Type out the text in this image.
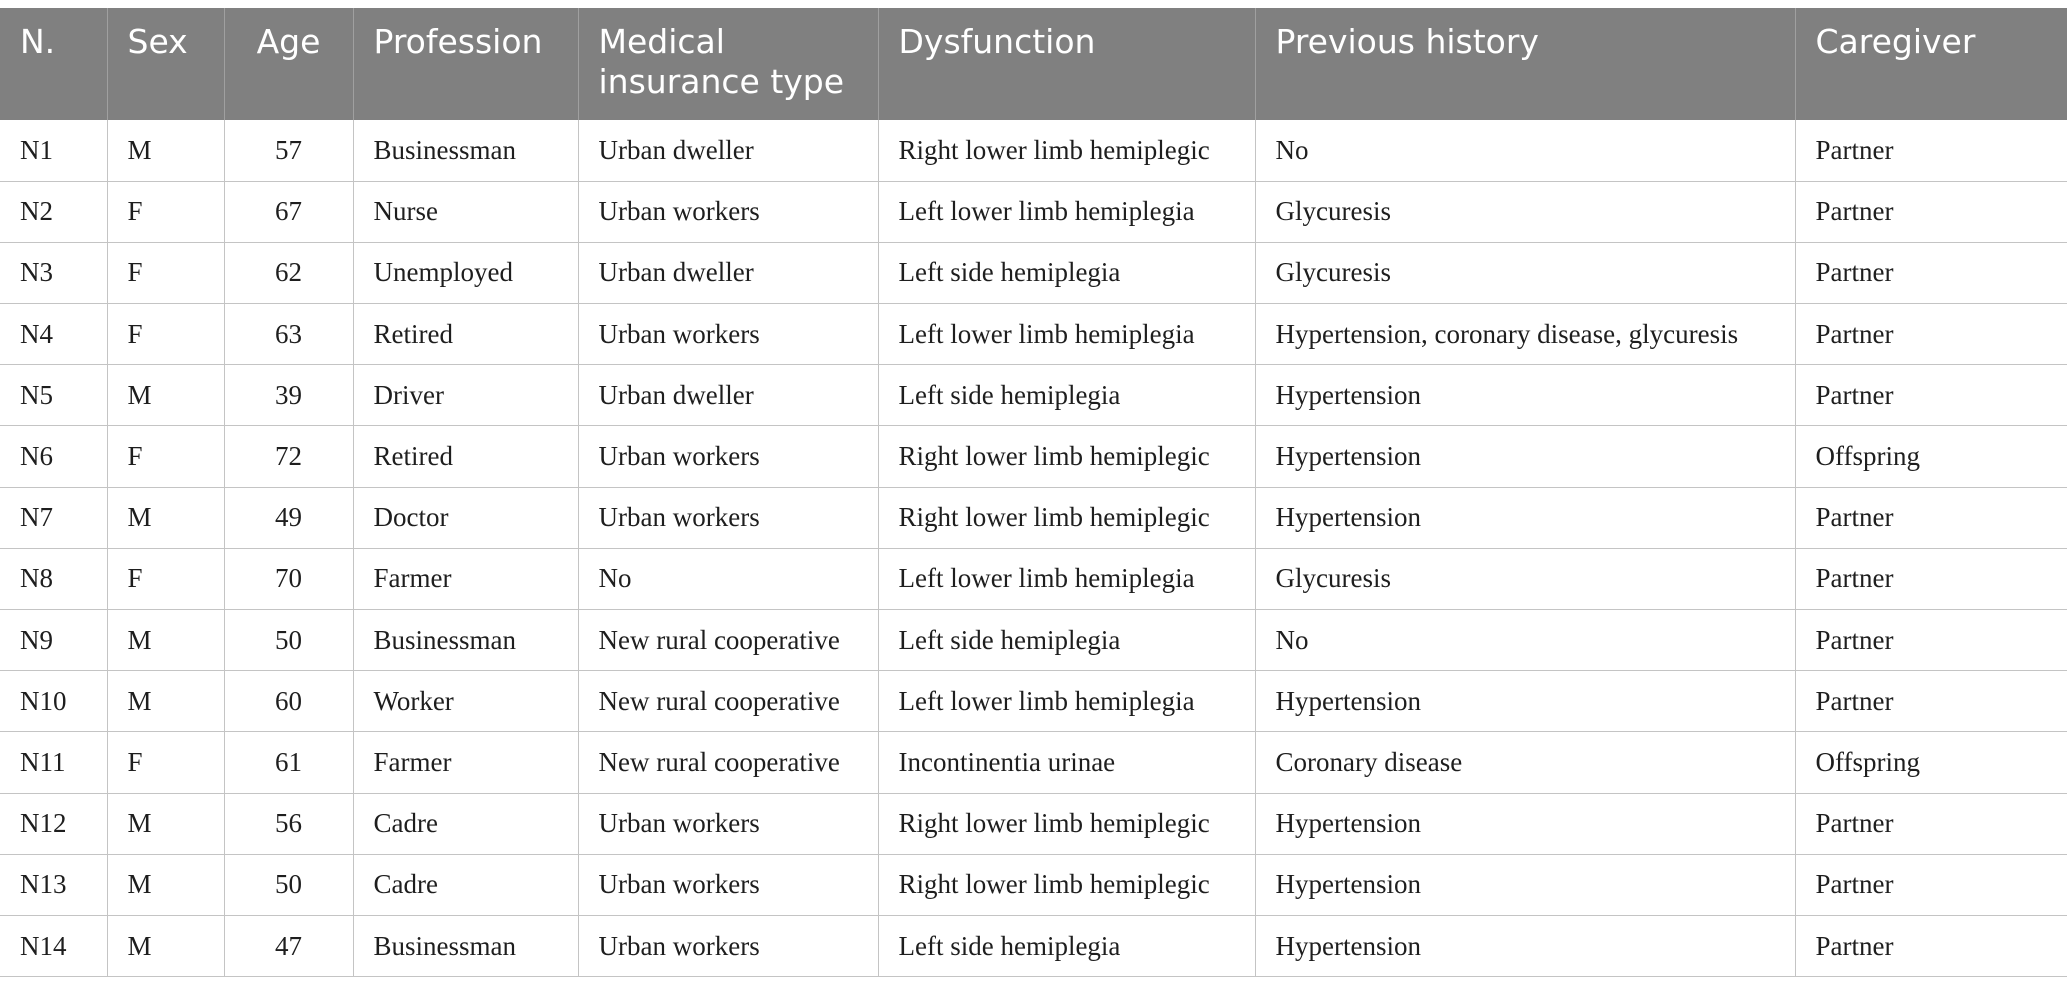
N.	Sex	Age	Profession	Medical insurance type	Dysfunction	Previous history	Caregiver
N1	M	57	Businessman	Urban dweller	Right lower limb hemiplegic	No	Partner
N2	F	67	Nurse	Urban workers	Left lower limb hemiplegia	Glycuresis	Partner
N3	F	62	Unemployed	Urban dweller	Left side hemiplegia	Glycuresis	Partner
N4	F	63	Retired	Urban workers	Left lower limb hemiplegia	Hypertension, coronary disease, glycuresis	Partner
N5	M	39	Driver	Urban dweller	Left side hemiplegia	Hypertension	Partner
N6	F	72	Retired	Urban workers	Right lower limb hemiplegic	Hypertension	Offspring
N7	M	49	Doctor	Urban workers	Right lower limb hemiplegic	Hypertension	Partner
N8	F	70	Farmer	No	Left lower limb hemiplegia	Glycuresis	Partner
N9	M	50	Businessman	New rural cooperative	Left side hemiplegia	No	Partner
N10	M	60	Worker	New rural cooperative	Left lower limb hemiplegia	Hypertension	Partner
N11	F	61	Farmer	New rural cooperative	Incontinentia urinae	Coronary disease	Offspring
N12	M	56	Cadre	Urban workers	Right lower limb hemiplegic	Hypertension	Partner
N13	M	50	Cadre	Urban workers	Right lower limb hemiplegic	Hypertension	Partner
N14	M	47	Businessman	Urban workers	Left side hemiplegia	Hypertension	Partner
